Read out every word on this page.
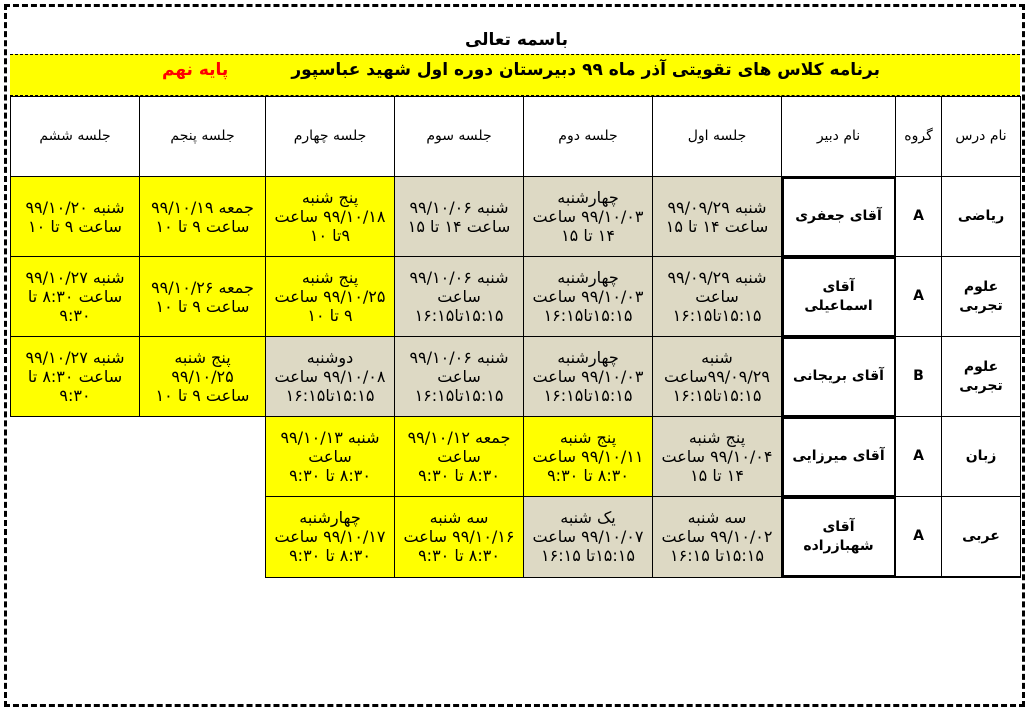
باسمه تعالی
برنامه کلاس های تقویتی آذر ماه ۹۹ دبیرستان دوره اول شهید عباسپور
پایه نهم
نام درس	گروه	نام دبیر	جلسه اول	جلسه دوم	جلسه سوم	جلسه چهارم	جلسه پنجم	جلسه ششم
ریاضی	A	آقای جعفری	شنبه ۹۹/۰۹/۲۹
ساعت ۱۴ تا ۱۵	چهارشنبه
۹۹/۱۰/۰۳ ساعت
۱۴ تا ۱۵	شنبه ۹۹/۱۰/۰۶
ساعت ۱۴ تا ۱۵	پنج شنبه
۹۹/۱۰/۱۸ ساعت
۹تا ۱۰	جمعه ۹۹/۱۰/۱۹
ساعت ۹ تا ۱۰	شنبه ۹۹/۱۰/۲۰
ساعت ۹ تا ۱۰
علوم
تجربی	A	آقای
اسماعیلی	شنبه ۹۹/۰۹/۲۹
ساعت
۱۵:۱۵تا۱۶:۱۵	چهارشنبه
۹۹/۱۰/۰۳ ساعت
۱۵:۱۵تا۱۶:۱۵	شنبه ۹۹/۱۰/۰۶
ساعت
۱۵:۱۵تا۱۶:۱۵	پنج شنبه
۹۹/۱۰/۲۵ ساعت
۹ تا ۱۰	جمعه ۹۹/۱۰/۲۶
ساعت ۹ تا ۱۰	شنبه ۹۹/۱۰/۲۷
ساعت ۸:۳۰ تا
۹:۳۰
علوم
تجربی	B	آقای بریجانی	شنبه
۹۹/۰۹/۲۹ساعت
۱۵:۱۵تا۱۶:۱۵	چهارشنبه
۹۹/۱۰/۰۳ ساعت
۱۵:۱۵تا۱۶:۱۵	شنبه ۹۹/۱۰/۰۶
ساعت
۱۵:۱۵تا۱۶:۱۵	دوشنبه
۹۹/۱۰/۰۸ ساعت
۱۵:۱۵تا۱۶:۱۵	پنج شنبه
۹۹/۱۰/۲۵
ساعت ۹ تا ۱۰	شنبه ۹۹/۱۰/۲۷
ساعت ۸:۳۰ تا
۹:۳۰
زبان	A	آقای میرزایی	پنج شنبه
۹۹/۱۰/۰۴ ساعت
۱۴ تا ۱۵	پنج شنبه
۹۹/۱۰/۱۱ ساعت
۸:۳۰ تا ۹:۳۰	جمعه ۹۹/۱۰/۱۲
ساعت
۸:۳۰ تا ۹:۳۰	شنبه ۹۹/۱۰/۱۳
ساعت
۸:۳۰ تا ۹:۳۰		
عربی	A	آقای
شهبازراده	سه شنبه
۹۹/۱۰/۰۲ ساعت
۱۵:۱۵تا ۱۶:۱۵	یک شنبه
۹۹/۱۰/۰۷ ساعت
۱۵:۱۵تا ۱۶:۱۵	سه شنبه
۹۹/۱۰/۱۶ ساعت
۸:۳۰ تا ۹:۳۰	چهارشنبه
۹۹/۱۰/۱۷ ساعت
۸:۳۰ تا ۹:۳۰		
